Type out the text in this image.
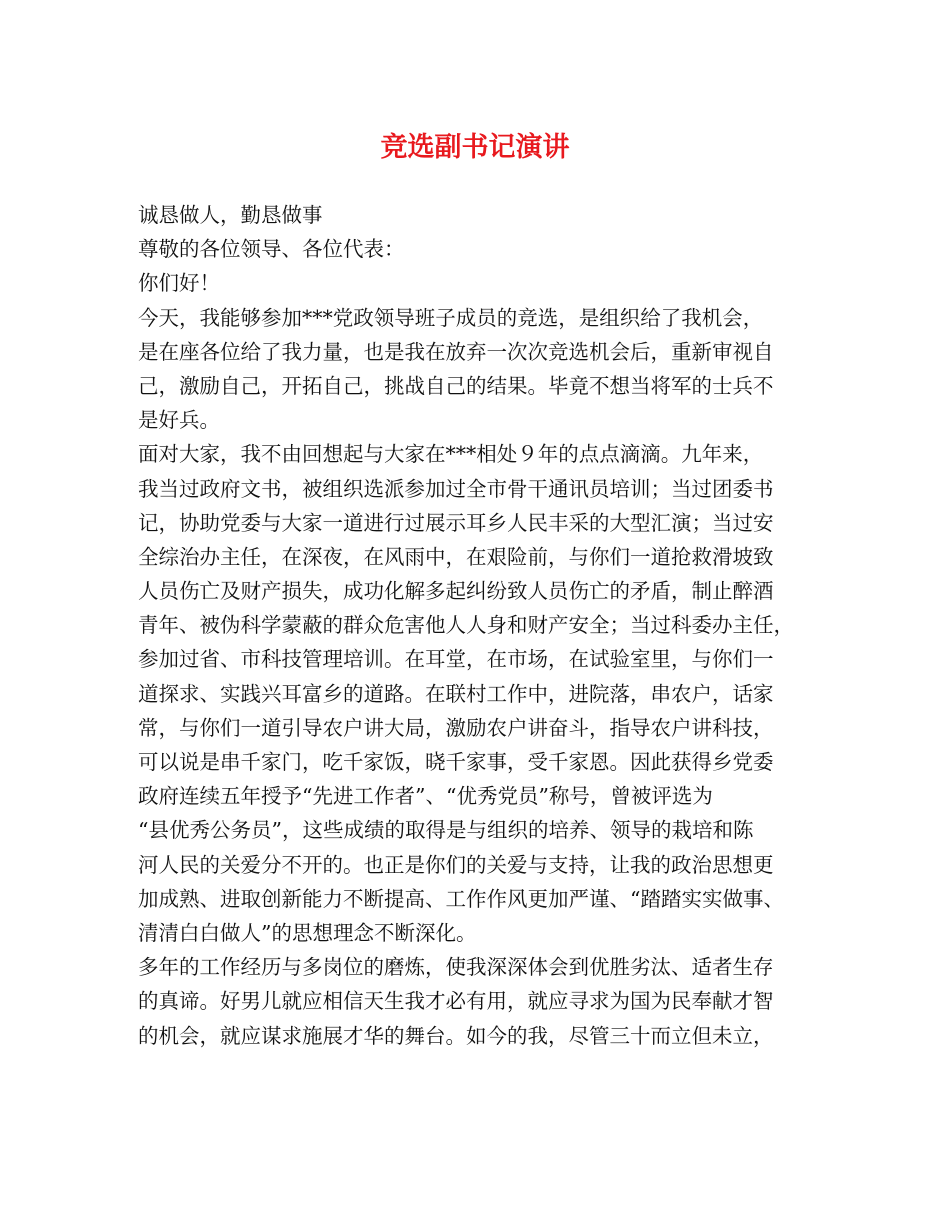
竞选副书记演讲
诚恳做人，勤恳做事
尊敬的各位领导、各位代表：
你们好！
今天，我能够参加***党政领导班子成员的竞选，是组织给了我机会，
是在座各位给了我力量，也是我在放弃一次次竞选机会后，重新审视自
己，激励自己，开拓自己，挑战自己的结果。毕竟不想当将军的士兵不
是好兵。
面对大家，我不由回想起与大家在***相处９年的点点滴滴。九年来，
我当过政府文书，被组织选派参加过全市骨干通讯员培训；当过团委书
记，协助党委与大家一道进行过展示耳乡人民丰采的大型汇演；当过安
全综治办主任，在深夜，在风雨中，在艰险前，与你们一道抢救滑坡致
人员伤亡及财产损失，成功化解多起纠纷致人员伤亡的矛盾，制止醉酒
青年、被伪科学蒙蔽的群众危害他人人身和财产安全；当过科委办主任，
参加过省、市科技管理培训。在耳堂，在市场，在试验室里，与你们一
道探求、实践兴耳富乡的道路。在联村工作中，进院落，串农户，话家
常，与你们一道引导农户讲大局，激励农户讲奋斗，指导农户讲科技，
可以说是串千家门，吃千家饭，晓千家事，受千家恩。因此获得乡党委
政府连续五年授予“先进工作者”、“优秀党员”称号，曾被评选为
“县优秀公务员”，这些成绩的取得是与组织的培养、领导的栽培和陈
河人民的关爱分不开的。也正是你们的关爱与支持，让我的政治思想更
加成熟、进取创新能力不断提高、工作作风更加严谨、“踏踏实实做事、
清清白白做人”的思想理念不断深化。
多年的工作经历与多岗位的磨炼，使我深深体会到优胜劣汰、适者生存
的真谛。好男儿就应相信天生我才必有用，就应寻求为国为民奉献才智
的机会，就应谋求施展才华的舞台。如今的我，尽管三十而立但未立，
